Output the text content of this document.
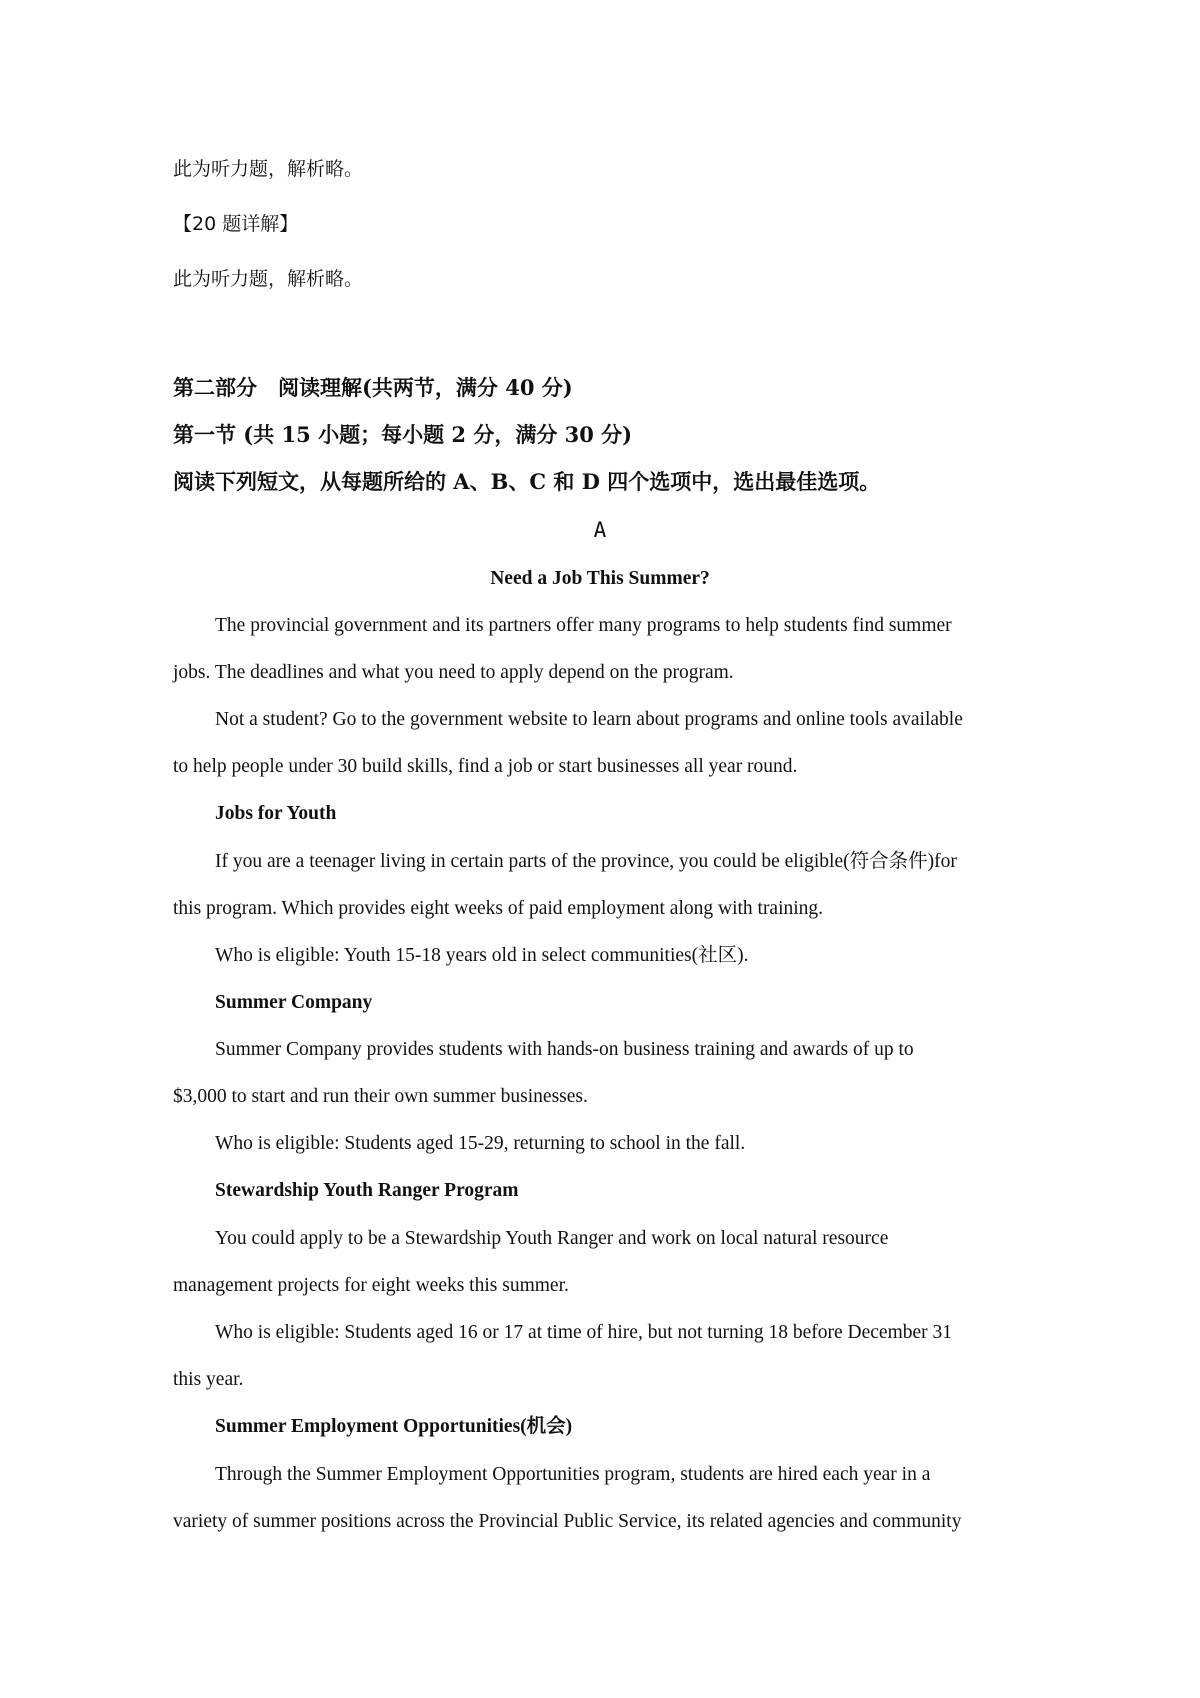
此为听力题，解析略。
【20 题详解】
此为听力题，解析略。
第二部分　阅读理解(共两节，满分 40 分)
第一节 (共 15 小题；每小题 2 分，满分 30 分)
阅读下列短文，从每题所给的 A、B、C 和 D 四个选项中，选出最佳选项。
A
Need a Job This Summer?
The provincial government and its partners offer many programs to help students find summer
jobs. The deadlines and what you need to apply depend on the program.
Not a student? Go to the government website to learn about programs and online tools available
to help people under 30 build skills, find a job or start businesses all year round.
Jobs for Youth
If you are a teenager living in certain parts of the province, you could be eligible(符合条件)for
this program. Which provides eight weeks of paid employment along with training.
Who is eligible: Youth 15-18 years old in select communities(社区).
Summer Company
Summer Company provides students with hands-on business training and awards of up to
$3,000 to start and run their own summer businesses.
Who is eligible: Students aged 15-29, returning to school in the fall.
Stewardship Youth Ranger Program
You could apply to be a Stewardship Youth Ranger and work on local natural resource
management projects for eight weeks this summer.
Who is eligible: Students aged 16 or 17 at time of hire, but not turning 18 before December 31
this year.
Summer Employment Opportunities(机会)
Through the Summer Employment Opportunities program, students are hired each year in a
variety of summer positions across the Provincial Public Service, its related agencies and community
